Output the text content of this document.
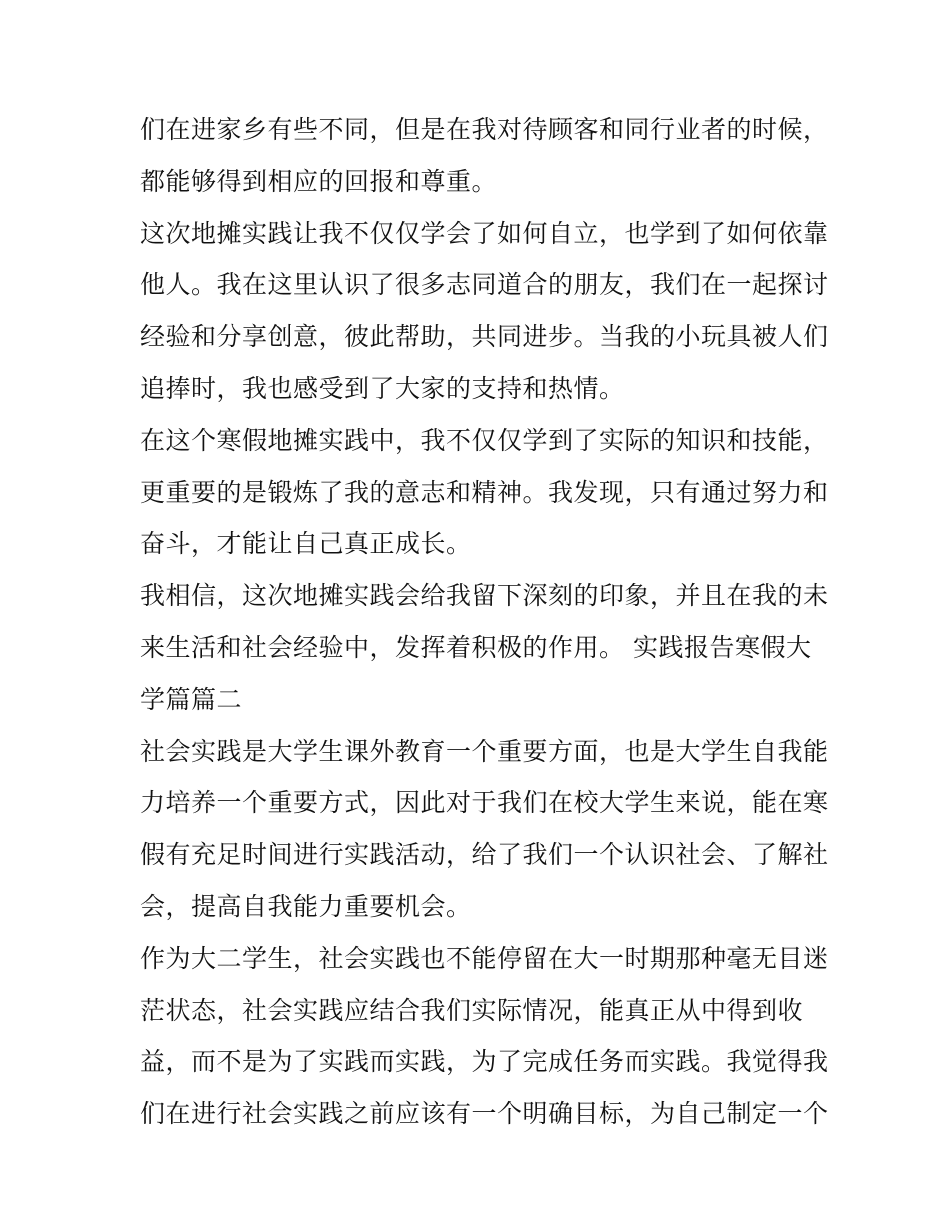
们在进家乡有些不同，但是在我对待顾客和同行业者的时候，
都能够得到相应的回报和尊重。
这次地摊实践让我不仅仅学会了如何自立，也学到了如何依靠
他人。我在这里认识了很多志同道合的朋友，我们在一起探讨
经验和分享创意，彼此帮助，共同进步。当我的小玩具被人们
追捧时，我也感受到了大家的支持和热情。
在这个寒假地摊实践中，我不仅仅学到了实际的知识和技能，
更重要的是锻炼了我的意志和精神。我发现，只有通过努力和
奋斗，才能让自己真正成长。
我相信，这次地摊实践会给我留下深刻的印象，并且在我的未
来生活和社会经验中，发挥着积极的作用。 实践报告寒假大
学篇篇二
社会实践是大学生课外教育一个重要方面，也是大学生自我能
力培养一个重要方式，因此对于我们在校大学生来说，能在寒
假有充足时间进行实践活动，给了我们一个认识社会、了解社
会，提高自我能力重要机会。
作为大二学生，社会实践也不能停留在大一时期那种毫无目迷
茫状态，社会实践应结合我们实际情况，能真正从中得到收
益，而不是为了实践而实践，为了完成任务而实践。我觉得我
们在进行社会实践之前应该有一个明确目标，为自己制定一个
